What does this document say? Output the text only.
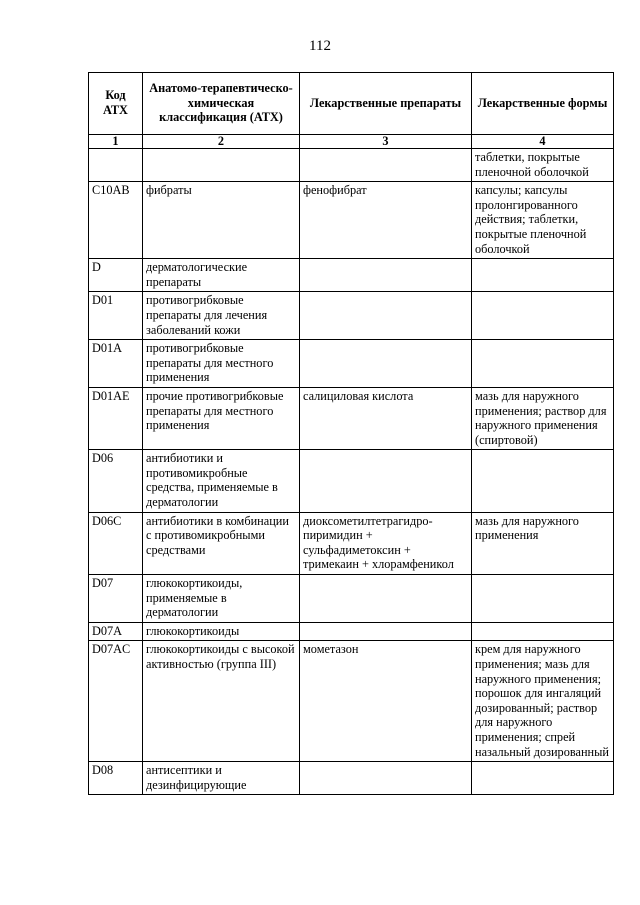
112
Код АТХ	Анатомо-терапевтическо-химическая классификация (АТХ)	Лекарственные препараты	Лекарственные формы
1	2	3	4
			таблетки, покрытые пленочной оболочкой
C10AB	фибраты	фенофибрат	капсулы; капсулы пролонгированного действия; таблетки, покрытые пленочной оболочкой
D	дерматологические препараты		
D01	противогрибковые препараты для лечения заболеваний кожи		
D01A	противогрибковые препараты для местного применения		
D01AE	прочие противогрибковые препараты для местного применения	салициловая кислота	мазь для наружного применения; раствор для наружного применения (спиртовой)
D06	антибиотики и противомикробные средства, применяемые в дерматологии		
D06C	антибиотики в комбинации с противомикробными средствами	диоксометилтетрагидро-пиримидин + сульфадиметоксин + тримекаин + хлорамфеникол	мазь для наружного применения
D07	глюкокортикоиды, применяемые в дерматологии		
D07A	глюкокортикоиды		
D07AC	глюкокортикоиды с высокой активностью (группа III)	мометазон	крем для наружного применения; мазь для наружного применения; порошок для ингаляций дозированный; раствор для наружного применения; спрей назальный дозированный
D08	антисептики и дезинфицирующие		
